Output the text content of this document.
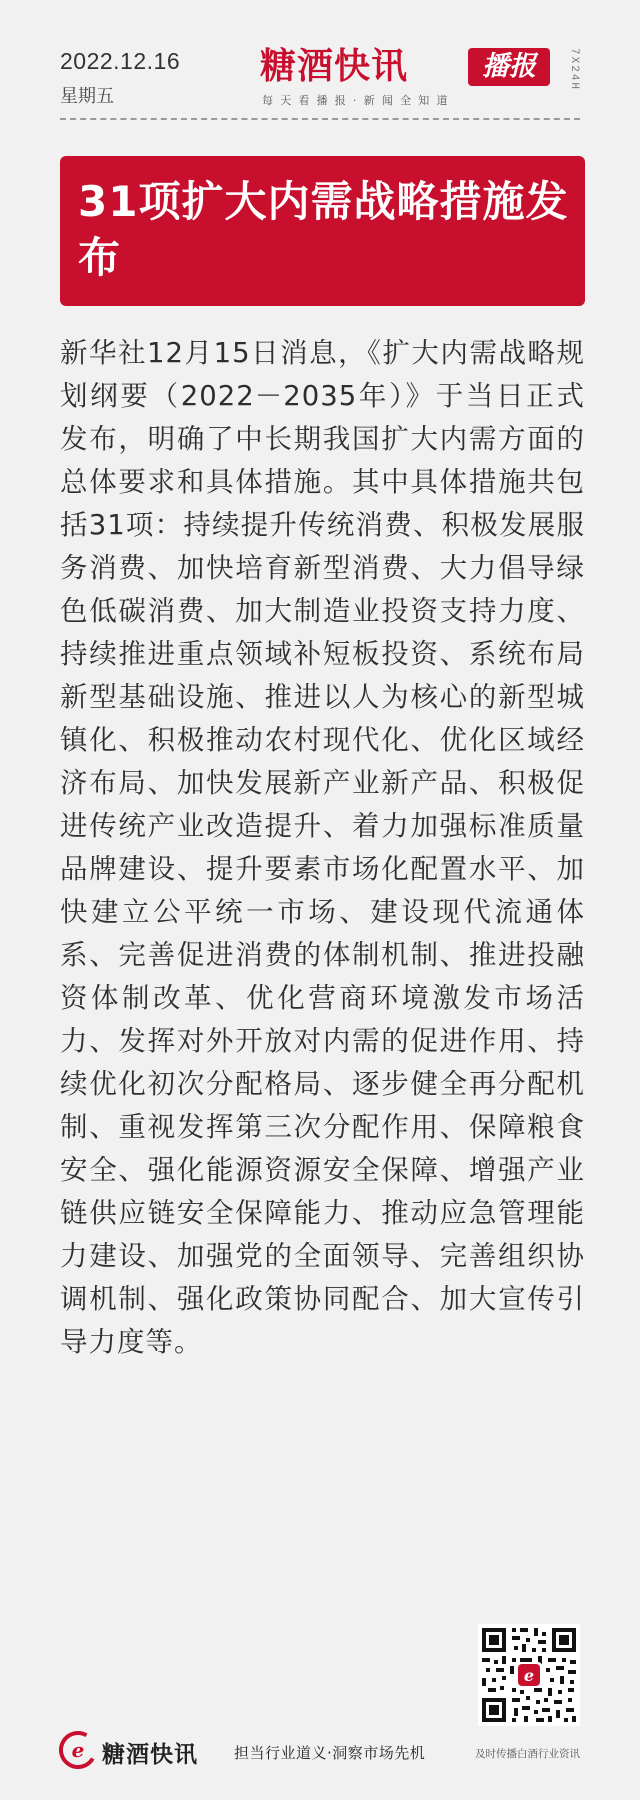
2022.12.16
星期五
糖酒快讯	播报
每天看播报·新闻全知道
7X24H
31项扩大内需战略措施发布

新华社12月15日消息，《扩大内需战略规划纲要（2022－2035年）》于当日正式发布，明确了中长期我国扩大内需方面的总体要求和具体措施。其中具体措施共包括31项：持续提升传统消费、积极发展服务消费、加快培育新型消费、大力倡导绿色低碳消费、加大制造业投资支持力度、持续推进重点领域补短板投资、系统布局新型基础设施、推进以人为核心的新型城镇化、积极推动农村现代化、优化区域经济布局、加快发展新产业新产品、积极促进传统产业改造提升、着力加强标准质量品牌建设、提升要素市场化配置水平、加快建立公平统一市场、建设现代流通体系、完善促进消费的体制机制、推进投融资体制改革、优化营商环境激发市场活力、发挥对外开放对内需的促进作用、持续优化初次分配格局、逐步健全再分配机制、重视发挥第三次分配作用、保障粮食安全、强化能源资源安全保障、增强产业链供应链安全保障能力、推动应急管理能力建设、加强党的全面领导、完善组织协调机制、强化政策协同配合、加大宣传引导力度等。

e
e 糖酒快讯 担当行业道义·洞察市场先机	及时传播白酒行业资讯
